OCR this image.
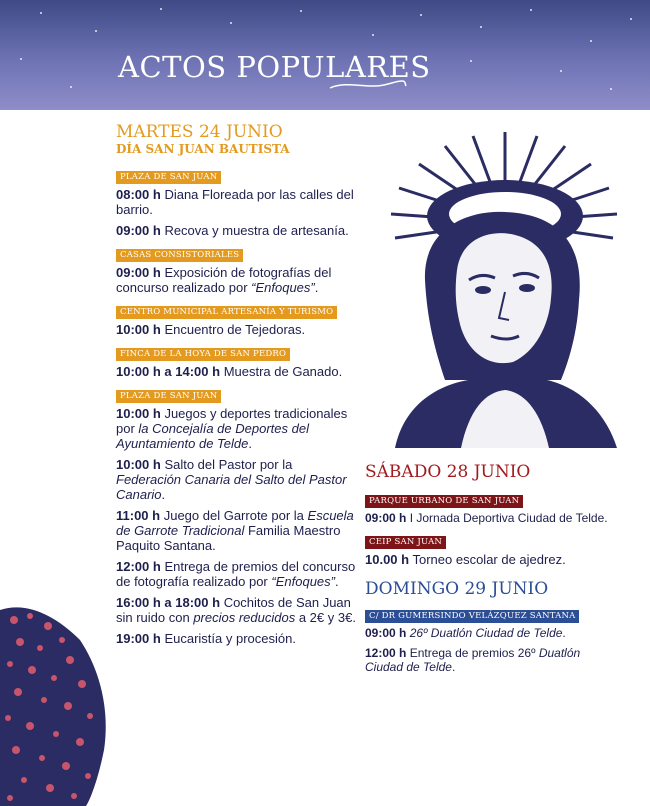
ACTOS POPULARES
MARTES 24 JUNIO
DÍA SAN JUAN BAUTISTA
PLAZA DE SAN JUAN
08:00 h Diana Floreada por las calles del barrio.
09:00 h Recova y muestra de artesanía.
CASAS CONSISTORIALES
09:00 h Exposición de fotografías del concurso realizado por “Enfoques”.
CENTRO MUNICIPAL ARTESANÍA Y TURISMO
10:00 h Encuentro de Tejedoras.
FINCA DE LA HOYA DE SAN PEDRO
10:00 h a 14:00 h Muestra de Ganado.
PLAZA DE SAN JUAN
10:00 h Juegos y deportes tradicionales por la Concejalía de Deportes del Ayuntamiento de Telde.
10:00 h Salto del Pastor por la Federación Canaria del Salto del Pastor Canario.
11:00 h Juego del Garrote por la Escuela de Garrote Tradicional Familia Maestro Paquito Santana.
12:00 h Entrega de premios del concurso de fotografía realizado por “Enfoques”.
16:00 h a 18:00 h Cochitos de San Juan sin ruido con precios reducidos a 2€ y 3€.
19:00 h Eucaristía y procesión.
SÁBADO 28 JUNIO
PARQUE URBANO DE SAN JUAN
09:00 h I Jornada Deportiva Ciudad de Telde.
CEIP SAN JUAN
10.00 h Torneo escolar de ajedrez.
DOMINGO 29 JUNIO
C/ DR GUMERSINDO VELÁZQUEZ SANTANA
09:00 h 26º Duatlón Ciudad de Telde.
12:00 h Entrega de premios 26º Duatlón Ciudad de Telde.
